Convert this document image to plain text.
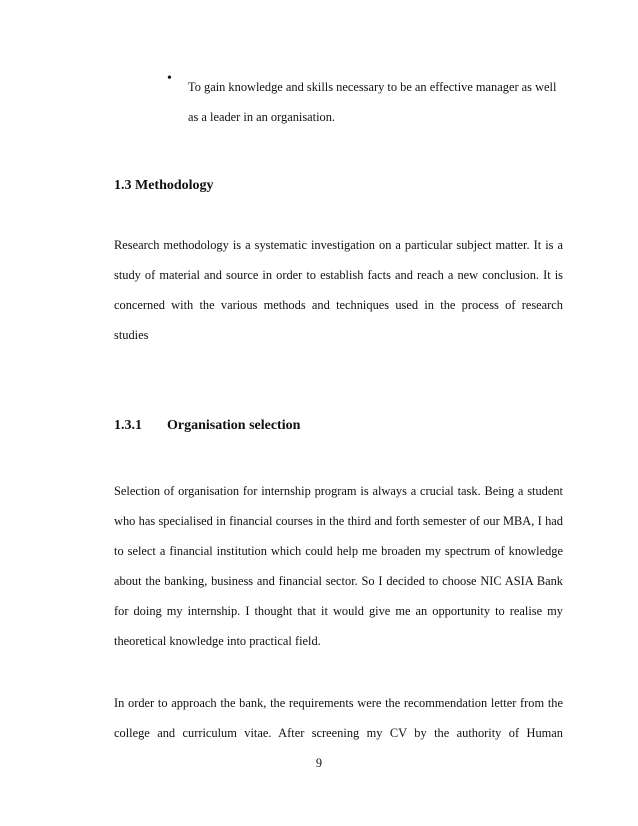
•

To gain knowledge and skills necessary to be an effective manager as well

as a leader in an organisation.

1.3 Methodology
Research methodology is a systematic investigation on a particular subject matter. It is a
study of material and source in order to establish facts and reach a new conclusion. It is
concerned with the various methods and techniques used in the process of research
studies
1.3.1 Organisation selection
Selection of organisation for internship program is always a crucial task. Being a student
who has specialised in financial courses in the third and forth semester of our MBA, I had
to select a financial institution which could help me broaden my spectrum of knowledge
about the banking, business and financial sector. So I decided to choose NIC ASIA Bank
for doing my internship. I thought that it would give me an opportunity to realise my
theoretical knowledge into practical field.
In order to approach the bank, the requirements were the recommendation letter from the
college and curriculum vitae. After screening my CV by the authority of Human
9
